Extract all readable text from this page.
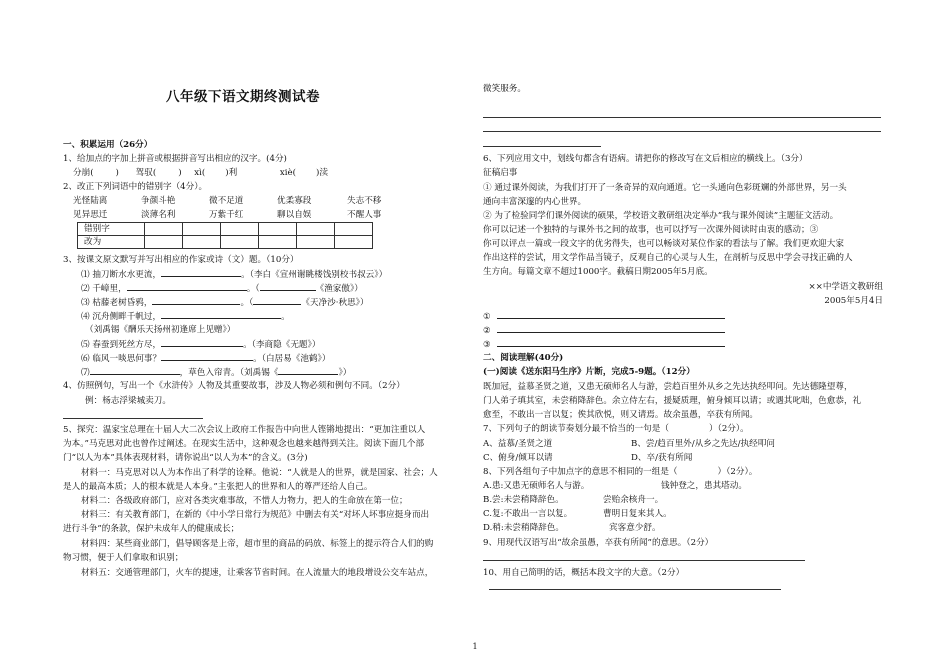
八年级下语文期终测试卷
一、积累运用（26分）
1、给加点的字加上拼音或根据拼音写出相应的汉字。(4分)
分崩(	) 驾驭(	) xì( )利	xiè( )渎
2、改正下列词语中的错别字（4分）。
光怪陆离	争颜斗艳	微不足道	优柔寡段	失志不移
见异思迁	淡薄名利	万紫千红	聊以自娱	不醒人事
错别字						
改为						
3、按课文原文默写并写出相应的作家或诗（文）题。（10分）
⑴ 抽刀断水水更流，	。（李白《宣州谢眺楼饯别校书叔云》）
⑵ 千嶂里，	。（	《渔家傲》）
⑶ 枯藤老树昏鸦，	。（	《天净沙·秋思》）
⑷ 沉舟侧畔千帆过，	。
（刘禹锡《酬乐天扬州初逢席上见赠》）
⑸ 春蚕到死丝方尽，	。（李商隐《无题》）
⑹ 临风一啖思何事？	。（白居易《池鹤》）
⑺	，草色入帘青。（刘禹锡《	》）
4、仿照例句，写出一个《水浒传》人物及其重要故事，涉及人物必须和例句不同。（2分）
例：杨志浮梁城卖刀。
5、探究：温家宝总理在十届人大二次会议上政府工作报告中向世人铿锵地提出：“更加注重以人
为本。”马克思对此也曾作过阐述。在现实生活中，这种观念也越来越得到关注。阅读下面几个部
门“以人为本”具体表现材料，请你说出“以人为本”的含义。(3分)
材料一：马克思对以人为本作出了科学的诠释。他说：“人就是人的世界，就是国家、社会；人
是人的最高本质；人的根本就是人本身。”主张把人的世界和人的尊严还给人自己。
材料二：各级政府部门，应对各类灾难事故，不惜人力物力，把人的生命放在第一位；
材料三：有关教育部门，在新的《中小学日常行为规范》中删去有关“对坏人坏事应挺身而出
进行斗争”的条款，保护未成年人的健康成长；
材料四：某些商业部门，倡导顾客是上帝，超市里的商品的码放、标签上的提示符合人们的购
物习惯，便于人们拿取和识别；
材料五：交通管理部门，火车的提速，让乘客节省时间。在人流量大的地段增设公交车站点，
微笑服务。
6、下列应用文中，划线句都含有语病。请把你的修改写在文后相应的横线上。（3分）
征稿启事
① 通过课外阅读，为我们打开了一条奇异的双向通道。它一头通向色彩斑斓的外部世界，另一头
通向丰富深邃的内心世界。
② 为了检验同学们课外阅读的硕果，学校语文教研组决定举办“我与课外阅读”主题征文活动。
你可以记述一个独特的与课外书之间的故事，也可以抒写一次课外阅读时由衷的感动；③
你可以评点一篇或一段文字的优劣得失，也可以畅谈对某位作家的看法与了解。我们更欢迎大家
作出这样的尝试，用文学作品当镜子，反观自己的心灵与人生，在剖析与反思中学会寻找正确的人
生方向。每篇文章不超过1000字。截稿日期2005年5月底。
××中学语文教研组
2005年5月4日
①
②
③
二、阅读理解(40分)
(一)阅读《送东阳马生序》片断，完成5-9题。（12分）
既加冠，益慕圣贤之道，又患无硕师名人与游，尝趋百里外从乡之先达执经叩问。先达德隆望尊，
门人弟子填其室，未尝稍降辞色。余立侍左右，援疑质理，俯身倾耳以请；或遇其叱咄，色愈恭，礼
愈至，不敢出一言以复；俟其欣悦，则又请焉。故余虽愚，卒获有所闻。
7、下列句子的朗读节奏划分最不恰当的一句是（	）（2分）。
A、益慕/圣贤之道	B、尝/趋百里外/从乡之先达/执经叩问
C、俯身/倾耳以请	D、卒/获有所闻
8、下列各组句子中加点字的意思不相同的一组是（	）（2分）。
A.患:又患无硕师名人与游。	钱钟登之，患其塔动。
B.尝:未尝稍降辞色。	尝贻余核舟一。
C.复:不敢出一言以复。	曹明日复来其人。
D.稍:未尝稍降辞色。	宾客意少舒。
9、用现代汉语写出“故余虽愚，卒获有所闻”的意思。（2分）
10、用自己简明的话，概括本段文字的大意。（2分）
1
